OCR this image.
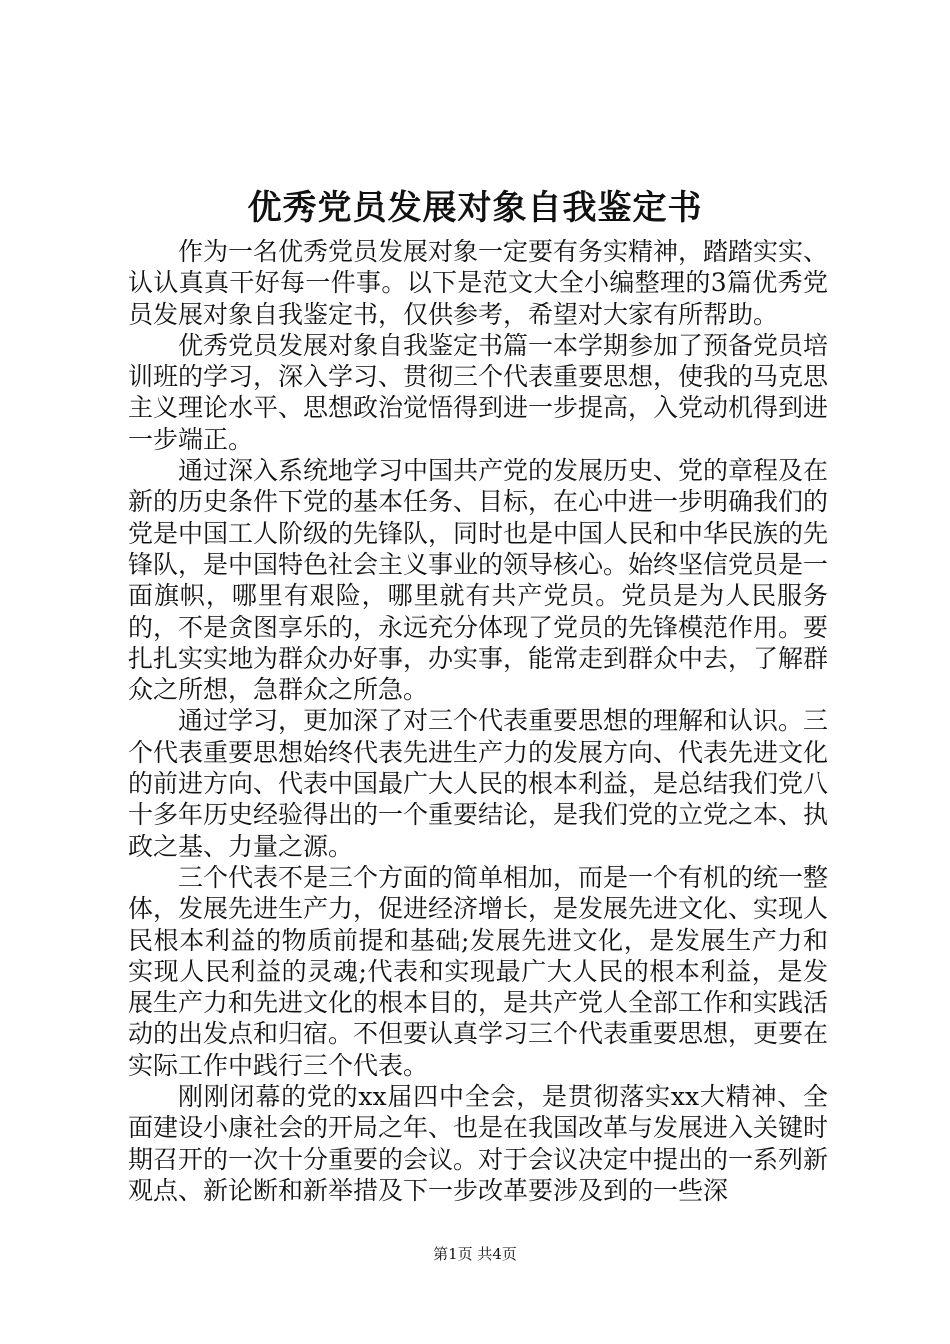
优秀党员发展对象自我鉴定书

作为一名优秀党员发展对象一定要有务实精神，踏踏实实、认认真真干好每一件事。以下是范文大全小编整理的3篇优秀党员发展对象自我鉴定书，仅供参考，希望对大家有所帮助。

优秀党员发展对象自我鉴定书篇一本学期参加了预备党员培训班的学习，深入学习、贯彻三个代表重要思想，使我的马克思主义理论水平、思想政治觉悟得到进一步提高，入党动机得到进一步端正。

通过深入系统地学习中国共产党的发展历史、党的章程及在新的历史条件下党的基本任务、目标，在心中进一步明确我们的党是中国工人阶级的先锋队，同时也是中国人民和中华民族的先锋队，是中国特色社会主义事业的领导核心。始终坚信党员是一面旗帜，哪里有艰险，哪里就有共产党员。党员是为人民服务的，不是贪图享乐的，永远充分体现了党员的先锋模范作用。要扎扎实实地为群众办好事，办实事，能常走到群众中去，了解群众之所想，急群众之所急。

通过学习，更加深了对三个代表重要思想的理解和认识。三个代表重要思想始终代表先进生产力的发展方向、代表先进文化的前进方向、代表中国最广大人民的根本利益，是总结我们党八十多年历史经验得出的一个重要结论，是我们党的立党之本、执政之基、力量之源。

三个代表不是三个方面的简单相加，而是一个有机的统一整体，发展先进生产力，促进经济增长，是发展先进文化、实现人民根本利益的物质前提和基础;发展先进文化，是发展生产力和实现人民利益的灵魂;代表和实现最广大人民的根本利益，是发展生产力和先进文化的根本目的，是共产党人全部工作和实践活动的出发点和归宿。不但要认真学习三个代表重要思想，更要在实际工作中践行三个代表。

刚刚闭幕的党的xx届四中全会，是贯彻落实xx大精神、全面建设小康社会的开局之年、也是在我国改革与发展进入关键时期召开的一次十分重要的会议。对于会议决定中提出的一系列新观点、新论断和新举措及下一步改革要涉及到的一些深

第1页 共4页
